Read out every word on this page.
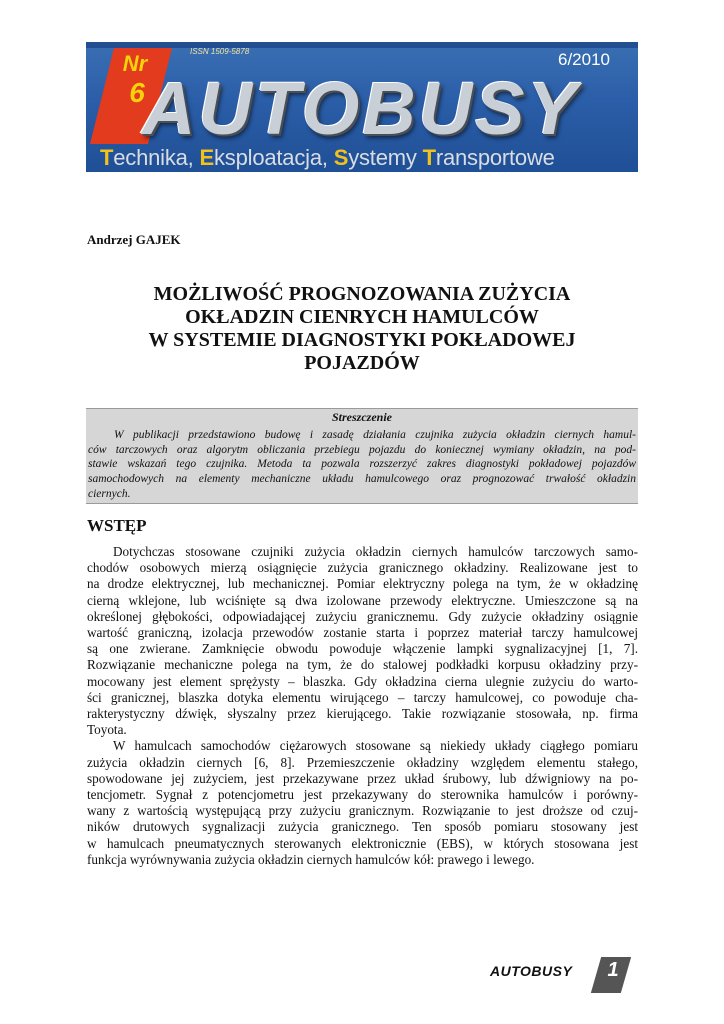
Nr
6
ISSN 1509-5878	6/2010
AUTOBUSY
Technika, Eksploatacja, Systemy Transportowe
Andrzej GAJEK
MOŻLIWOŚĆ PROGNOZOWANIA ZUŻYCIA
OKŁADZIN CIENRYCH HAMULCÓW
W SYSTEMIE DIAGNOSTYKI POKŁADOWEJ
POJAZDÓW
Streszczenie
W publikacji przedstawiono budowę i zasadę działania czujnika zużycia okładzin ciernych hamul-
ców tarczowych oraz algorytm obliczania przebiegu pojazdu do koniecznej wymiany okładzin, na pod-
stawie wskazań tego czujnika. Metoda ta pozwala rozszerzyć zakres diagnostyki pokładowej pojazdów
samochodowych na elementy mechaniczne układu hamulcowego oraz prognozować trwałość okładzin
ciernych.
WSTĘP
Dotychczas stosowane czujniki zużycia okładzin ciernych hamulców tarczowych samo-
chodów osobowych mierzą osiągnięcie zużycia granicznego okładziny. Realizowane jest to
na drodze elektrycznej, lub mechanicznej. Pomiar elektryczny polega na tym, że w okładzinę
cierną wklejone, lub wciśnięte są dwa izolowane przewody elektryczne. Umieszczone są na
określonej głębokości, odpowiadającej zużyciu granicznemu. Gdy zużycie okładziny osiągnie
wartość graniczną, izolacja przewodów zostanie starta i poprzez materiał tarczy hamulcowej
są one zwierane. Zamknięcie obwodu powoduje włączenie lampki sygnalizacyjnej [1, 7].
Rozwiązanie mechaniczne polega na tym, że do stalowej podkładki korpusu okładziny przy-
mocowany jest element sprężysty – blaszka. Gdy okładzina cierna ulegnie zużyciu do warto-
ści granicznej, blaszka dotyka elementu wirującego – tarczy hamulcowej, co powoduje cha-
rakterystyczny dźwięk, słyszalny przez kierującego. Takie rozwiązanie stosowała, np. firma
Toyota.
W hamulcach samochodów ciężarowych stosowane są niekiedy układy ciągłego pomiaru
zużycia okładzin ciernych [6, 8]. Przemieszczenie okładziny względem elementu stałego,
spowodowane jej zużyciem, jest przekazywane przez układ śrubowy, lub dźwigniowy na po-
tencjometr. Sygnał z potencjometru jest przekazywany do sterownika hamulców i porówny-
wany z wartością występującą przy zużyciu granicznym. Rozwiązanie to jest droższe od czuj-
ników drutowych sygnalizacji zużycia granicznego. Ten sposób pomiaru stosowany jest
w hamulcach pneumatycznych sterowanych elektronicznie (EBS), w których stosowana jest
funkcja wyrównywania zużycia okładzin ciernych hamulców kół: prawego i lewego.
AUTOBUSY	1
